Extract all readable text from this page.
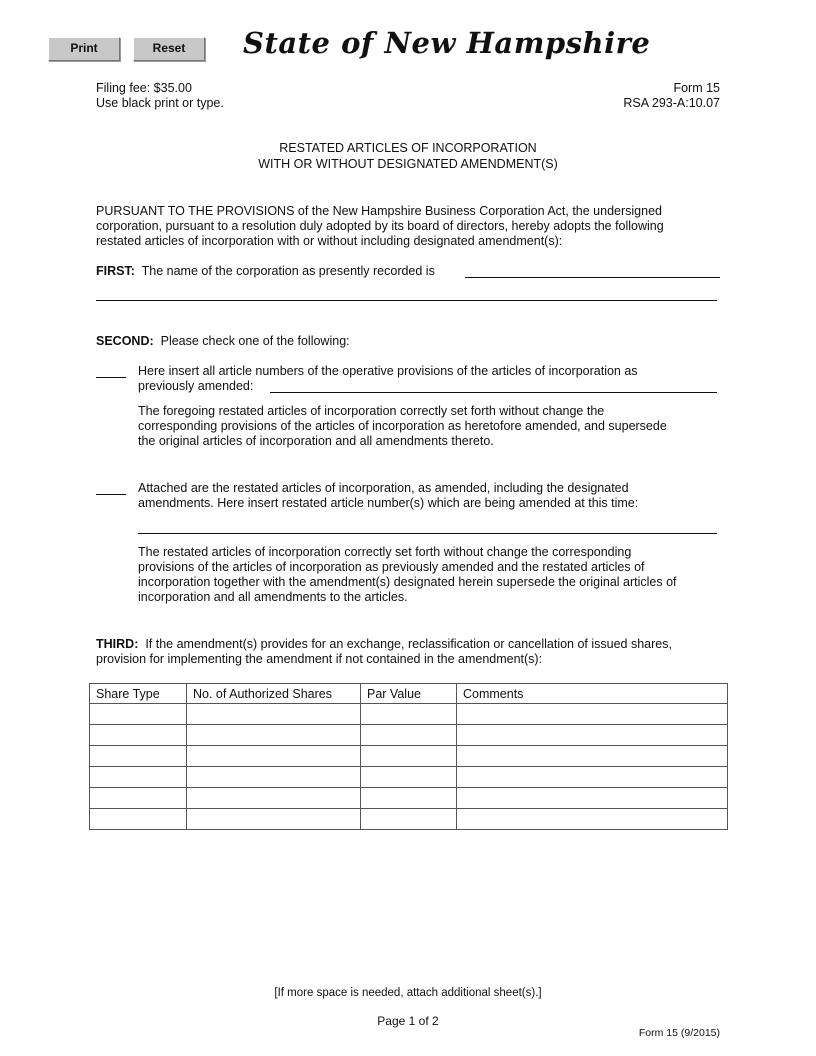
Print	Reset	State of New Hampshire
Filing fee: $35.00
Use black print or type.
Form 15
RSA 293-A:10.07
RESTATED ARTICLES OF INCORPORATION
WITH OR WITHOUT DESIGNATED AMENDMENT(S)
PURSUANT TO THE PROVISIONS of the New Hampshire Business Corporation Act, the undersigned
corporation, pursuant to a resolution duly adopted by its board of directors, hereby adopts the following
restated articles of incorporation with or without including designated amendment(s):
FIRST: The name of the corporation as presently recorded is
SECOND: Please check one of the following:
Here insert all article numbers of the operative provisions of the articles of incorporation as
previously amended:
The foregoing restated articles of incorporation correctly set forth without change the
corresponding provisions of the articles of incorporation as heretofore amended, and supersede
the original articles of incorporation and all amendments thereto.
Attached are the restated articles of incorporation, as amended, including the designated
amendments. Here insert restated article number(s) which are being amended at this time:
The restated articles of incorporation correctly set forth without change the corresponding
provisions of the articles of incorporation as previously amended and the restated articles of
incorporation together with the amendment(s) designated herein supersede the original articles of
incorporation and all amendments to the articles.
THIRD: If the amendment(s) provides for an exchange, reclassification or cancellation of issued shares,
provision for implementing the amendment if not contained in the amendment(s):
Share Type	No. of Authorized Shares	Par Value	Comments

[If more space is needed, attach additional sheet(s).]
Page 1 of 2
Form 15 (9/2015)
